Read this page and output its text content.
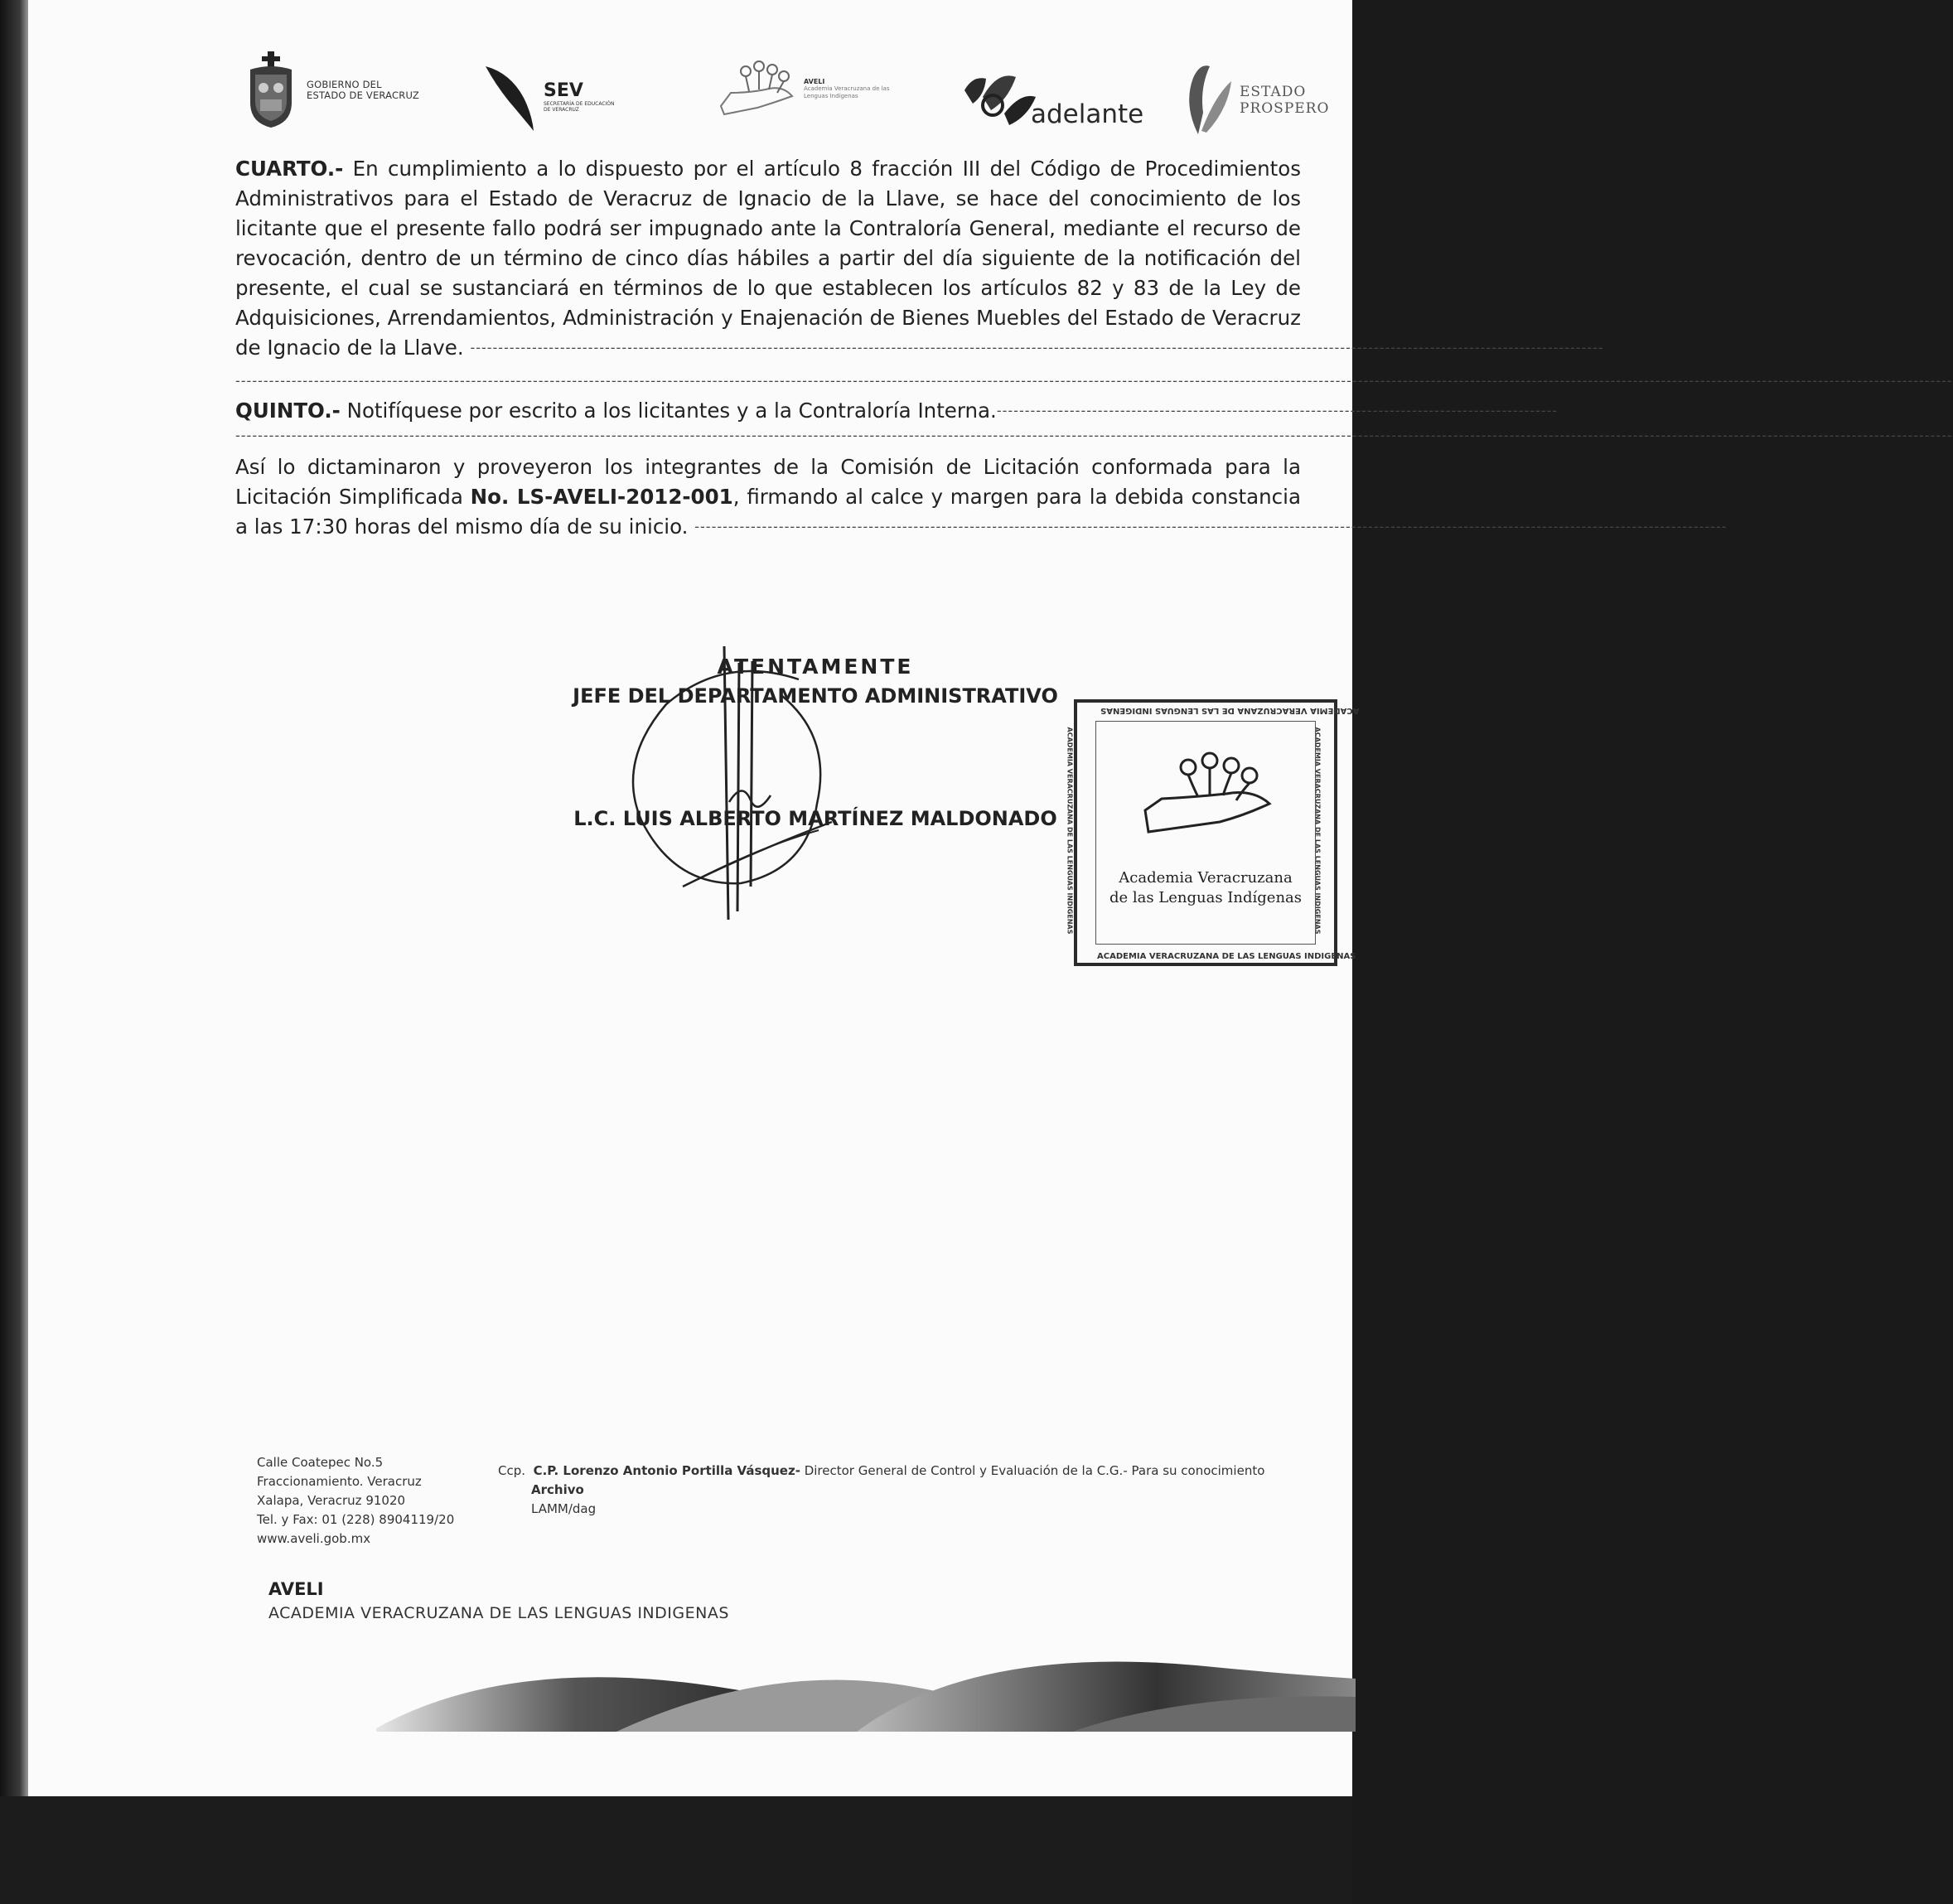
GOBIERNO DEL
ESTADO DE VERACRUZ	SEV
SECRETARÍA DE EDUCACIÓN
DE VERACRUZ
AVELI
Academia Veracruzana de las
Lenguas Indígenas
adelante
ESTADO
PROSPERO

CUARTO.- En cumplimiento a lo dispuesto por el artículo 8 fracción III del Código de Procedimientos Administrativos para el Estado de Veracruz de Ignacio de la Llave, se hace del conocimiento de los licitante que el presente fallo podrá ser impugnado ante la Contraloría General, mediante el recurso de revocación, dentro de un término de cinco días hábiles a partir del día siguiente de la notificación del presente, el cual se sustanciará en términos de lo que establecen los artículos 82 y 83 de la Ley de Adquisiciones, Arrendamientos, Administración y Enajenación de Bienes Muebles del Estado de Veracruz de Ignacio de la Llave. ----------------------------------------------------------------------------------------------------------------------------------------------------------------------------------------------------------

------------------------------------------------------------------------------------------------------------------------------------------------------------------------------------------------------------------------------------------------------------------------------------------------------------------

QUINTO.- Notifíquese por escrito a los licitantes y a la Contraloría Interna.----------------------------------------------------------------------------------------------------

------------------------------------------------------------------------------------------------------------------------------------------------------------------------------------------------------------------------------------------------------------------------------------------------------------------

Así lo dictaminaron y proveyeron los integrantes de la Comisión de Licitación conformada para la Licitación Simplificada No. LS-AVELI-2012-001, firmando al calce y margen para la debida constancia a las 17:30 horas del mismo día de su inicio. ----------------------------------------------------------------------------------------------------------------------------------------------------------------------------------------

ATENTAMENTE
JEFE DEL DEPARTAMENTO ADMINISTRATIVO
L.C. LUIS ALBERTO MARTÍNEZ MALDONADO
ACADEMIA VERACRUZANA DE LAS LENGUAS INDIGENAS
ACADEMIA VERACRUZANA DE LAS LENGUAS INDIGENAS
ACADEMIA VERACRUZANA DE LAS LENGUAS INDIGENAS	ACADEMIA VERACRUZANA DE LAS LENGUAS INDIGENAS
Academia Veracruzana
de las Lenguas Indígenas
Calle Coatepec No.5
Fraccionamiento. Veracruz
Xalapa, Veracruz 91020
Tel. y Fax: 01 (228) 8904119/20
www.aveli.gob.mx
Ccp. C.P. Lorenzo Antonio Portilla Vásquez- Director General de Control y Evaluación de la C.G.- Para su conocimiento
Archivo
LAMM/dag
AVELI
ACADEMIA VERACRUZANA DE LAS LENGUAS INDIGENAS
